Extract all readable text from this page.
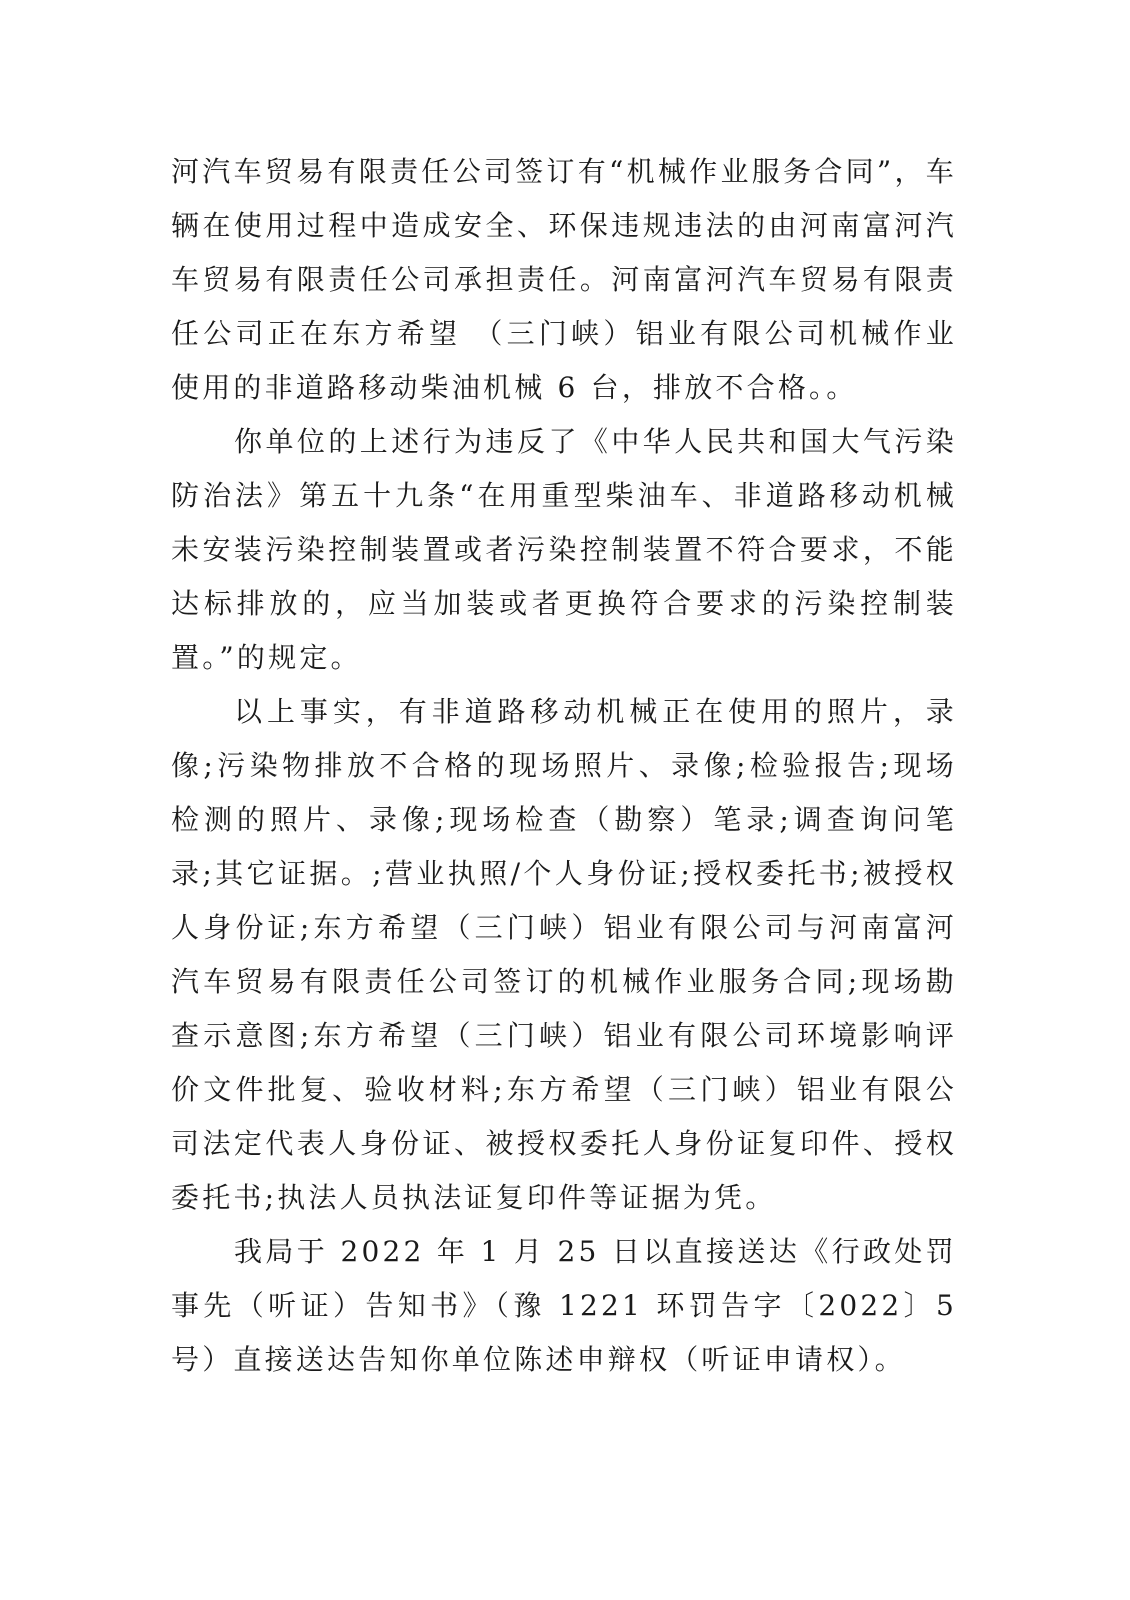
河汽车贸易有限责任公司签订有“机械作业服务合同”，车辆在使用过程中造成安全、环保违规违法的由河南富河汽车贸易有限责任公司承担责任。河南富河汽车贸易有限责任公司正在东方希望 （三门峡）铝业有限公司机械作业使用的非道路移动柴油机械 6 台，排放不合格。。

你单位的上述行为违反了《中华人民共和国大气污染防治法》第五十九条“在用重型柴油车、非道路移动机械未安装污染控制装置或者污染控制装置不符合要求，不能达标排放的，应当加装或者更换符合要求的污染控制装置。”的规定。

以上事实，有非道路移动机械正在使用的照片，录像;污染物排放不合格的现场照片、录像;检验报告;现场检测的照片、录像;现场检查（勘察）笔录;调查询问笔录;其它证据。;营业执照/个人身份证;授权委托书;被授权人身份证;东方希望（三门峡）铝业有限公司与河南富河汽车贸易有限责任公司签订的机械作业服务合同;现场勘查示意图;东方希望（三门峡）铝业有限公司环境影响评价文件批复、验收材料;东方希望（三门峡）铝业有限公司法定代表人身份证、被授权委托人身份证复印件、授权委托书;执法人员执法证复印件等证据为凭。

我局于 2022 年 1 月 25 日以直接送达《行政处罚事先（听证）告知书》（豫 1221 环罚告字〔2022〕5 号）直接送达告知你单位陈述申辩权（听证申请权）。
